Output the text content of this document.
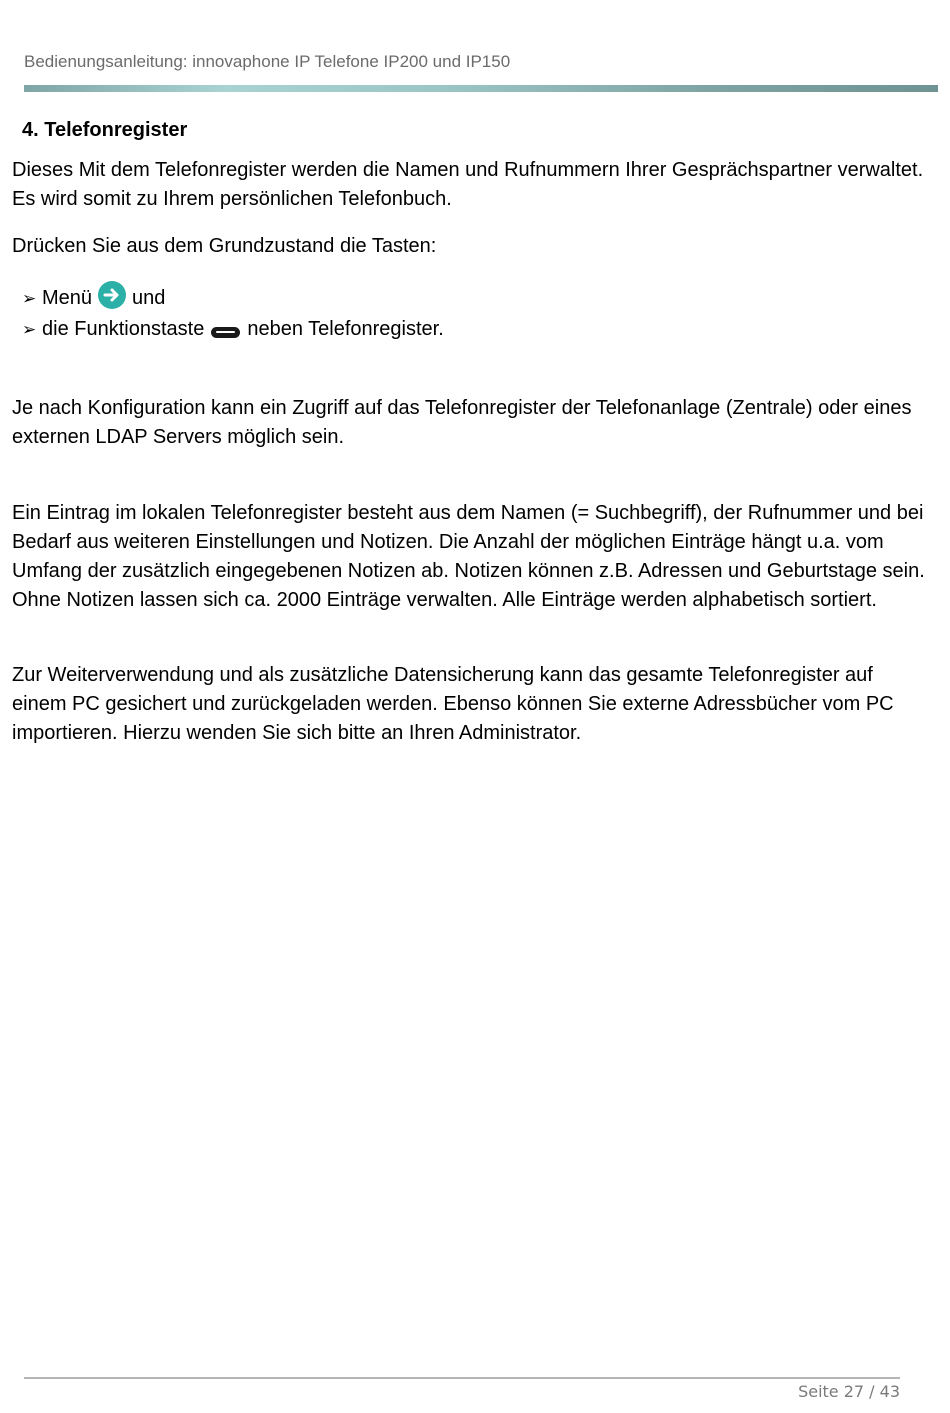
Bedienungsanleitung: innovaphone IP Telefone IP200 und IP150
4. Telefonregister

Dieses Mit dem Telefonregister werden die Namen und Rufnummern Ihrer Gesprächspartner verwaltet. Es wird somit zu Ihrem persönlichen Telefonbuch.

Drücken Sie aus dem Grundzustand die Tasten:

➢ Menü und
➢ die Funktionstaste neben Telefonregister.

Je nach Konfiguration kann ein Zugriff auf das Telefonregister der Telefonanlage (Zentrale) oder eines externen LDAP Servers möglich sein.

Ein Eintrag im lokalen Telefonregister besteht aus dem Namen (= Suchbegriff), der Rufnummer und bei Bedarf aus weiteren Einstellungen und Notizen. Die Anzahl der möglichen Einträge hängt u.a. vom Umfang der zusätzlich eingegebenen Notizen ab. Notizen können z.B. Adressen und Geburtstage sein. Ohne Notizen lassen sich ca. 2000 Einträge verwalten. Alle Einträge werden alphabetisch sortiert.

Zur Weiterverwendung und als zusätzliche Datensicherung kann das gesamte Telefonregister auf einem PC gesichert und zurückgeladen werden. Ebenso können Sie externe Adressbücher vom PC importieren. Hierzu wenden Sie sich bitte an Ihren Administrator.

Seite 27 / 43
